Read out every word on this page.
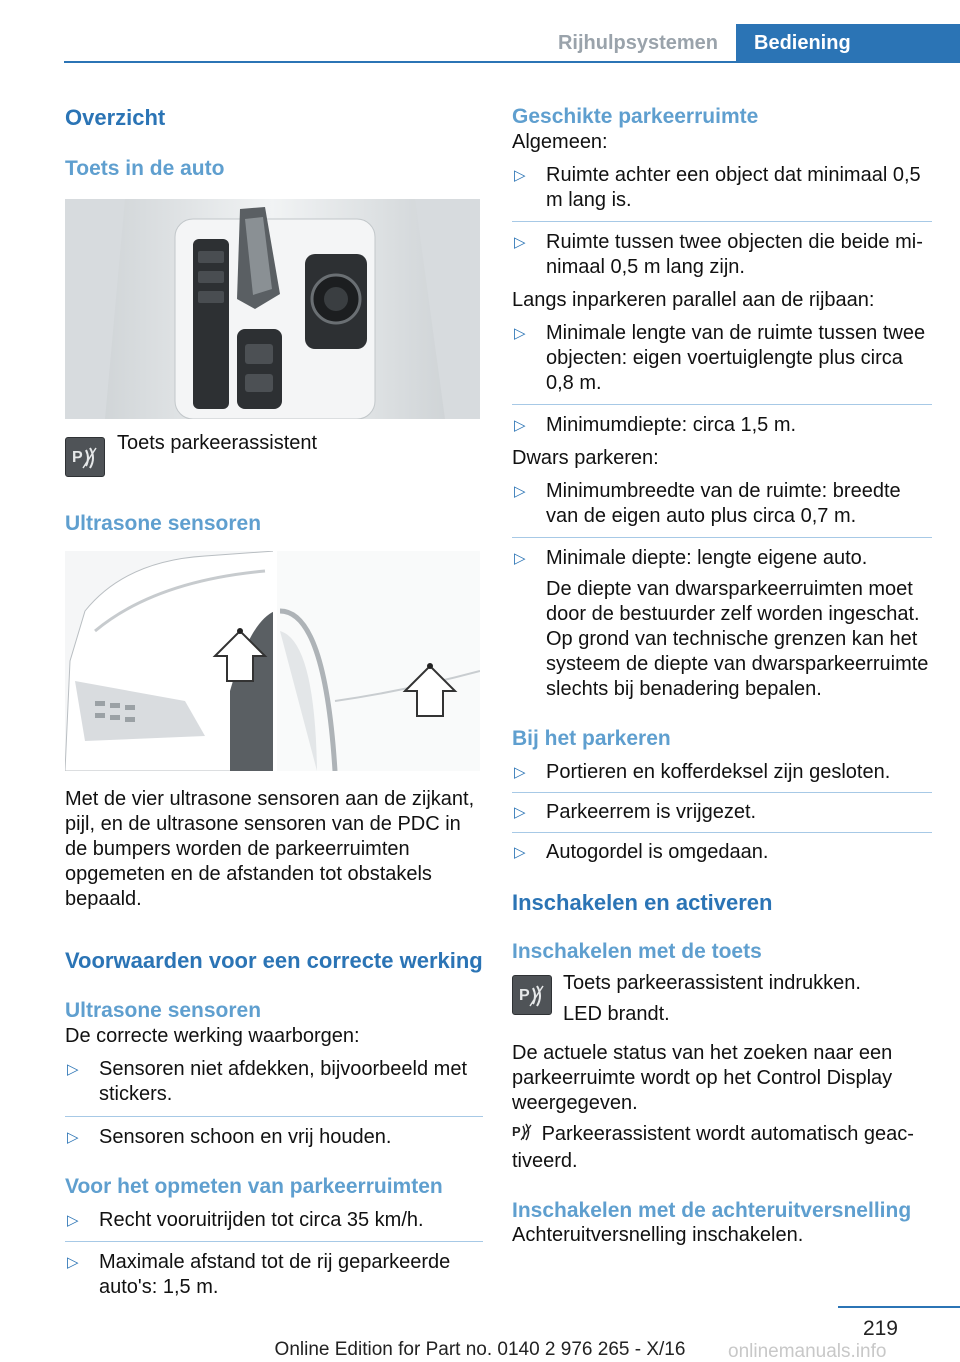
Rijhulpsystemen	Bediening
Overzicht
Toets in de auto
P
Toets parkeerassistent
Ultrasone sensoren

Met de vier ultrasone sensoren aan de zijkant, pijl, en de ultrasone sensoren van de PDC in de bumpers worden de parkeerruimten opgemeten en de afstanden tot obstakels bepaald.

Voorwaarden voor een correcte werking
Ultrasone sensoren

De correcte werking waarborgen:

▷ Sensoren niet afdekken, bijvoorbeeld met stickers.
▷ Sensoren schoon en vrij houden.
Voor het opmeten van parkeerruimten
▷ Recht vooruitrijden tot circa 35 km/h.
▷ Maximale afstand tot de rij geparkeerde auto's: 1,5 m.
Geschikte parkeerruimte

Algemeen:

▷ Ruimte achter een object dat minimaal 0,5 m lang is.
▷ Ruimte tussen twee objecten die beide minimaal 0,5 m lang zijn.

Langs inparkeren parallel aan de rijbaan:

▷ Minimale lengte van de ruimte tussen twee objecten: eigen voertuiglengte plus circa 0,8 m.
▷ Minimumdiepte: circa 1,5 m.

Dwars parkeren:

▷ Minimumbreedte van de ruimte: breedte van de eigen auto plus circa 0,7 m.
▷ Minimale diepte: lengte eigene auto.

De diepte van dwarsparkeerruimten moet door de bestuurder zelf worden ingeschat. Op grond van technische grenzen kan het systeem de diepte van dwarsparkeerruimte slechts bij benadering bepalen.

Bij het parkeren
▷ Portieren en kofferdeksel zijn gesloten.
▷ Parkeerrem is vrijgezet.
▷ Autogordel is omgedaan.
Inschakelen en activeren
Inschakelen met de toets
P

Toets parkeerassistent indrukken.

LED brandt.

De actuele status van het zoeken naar een parkeerruimte wordt op het Control Display weergegeven.

P Parkeerassistent wordt automatisch geactiveerd.

Inschakelen met de achteruitversnelling

Achteruitversnelling inschakelen.

219
Online Edition for Part no. 0140 2 976 265 - X/16	onlinemanuals.info
